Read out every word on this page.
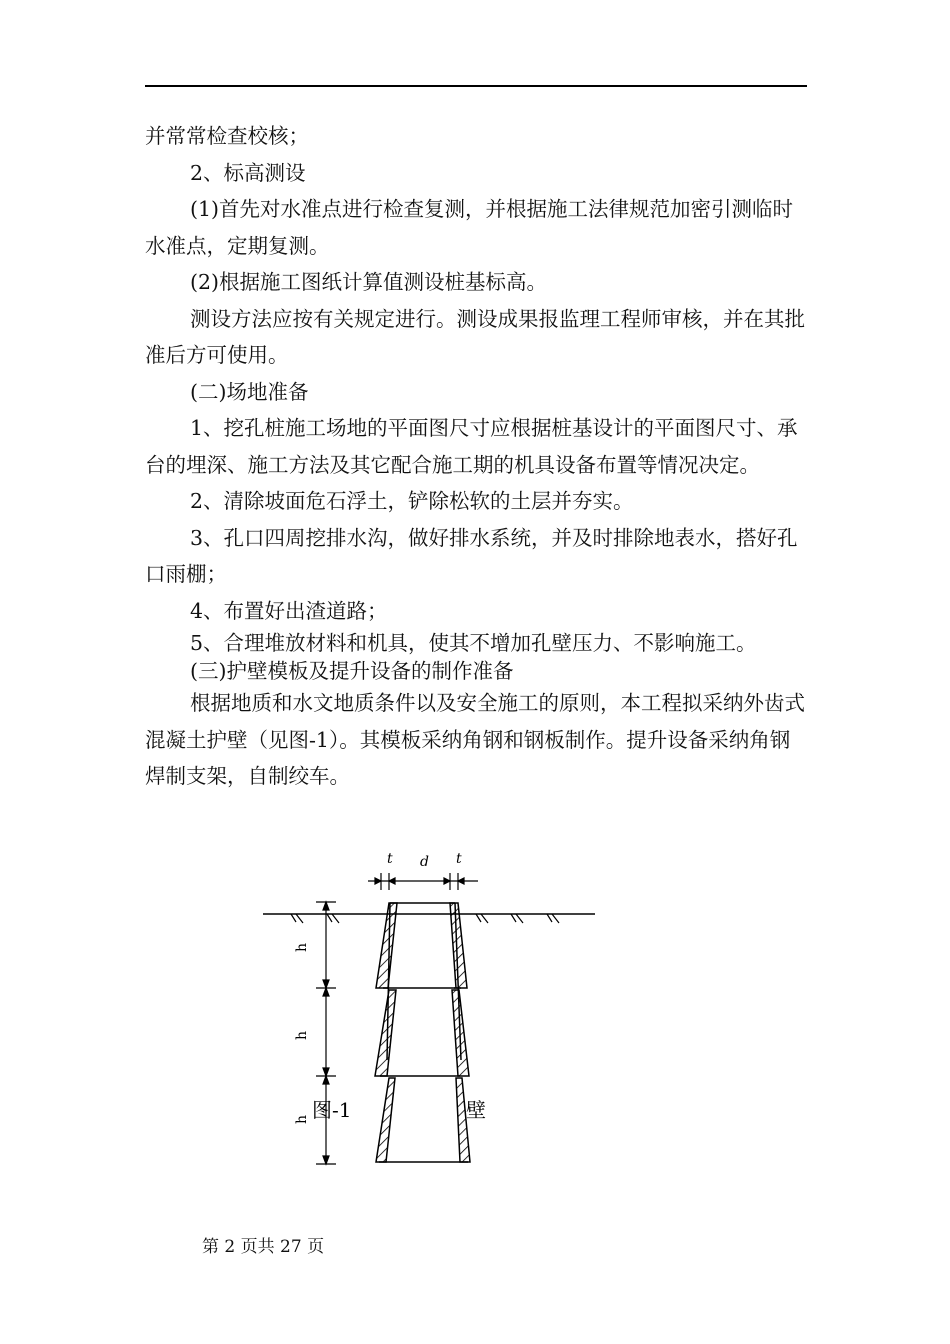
并常常检查校核；

2、标高测设

(1)首先对水准点进行检查复测，并根据施工法律规范加密引测临时水准点，定期复测。

(2)根据施工图纸计算值测设桩基标高。

测设方法应按有关规定进行。测设成果报监理工程师审核，并在其批准后方可使用。

(二)场地准备

1、挖孔桩施工场地的平面图尺寸应根据桩基设计的平面图尺寸、承台的埋深、施工方法及其它配合施工期的机具设备布置等情况决定。

2、清除坡面危石浮土，铲除松软的土层并夯实。

3、孔口四周挖排水沟，做好排水系统，并及时排除地表水，搭好孔口雨棚；

4、布置好出渣道路；

5、合理堆放材料和机具，使其不增加孔壁压力、不影响施工。

(三)护壁模板及提升设备的制作准备

根据地质和水文地质条件以及安全施工的原则，本工程拟采纳外齿式混凝土护壁（见图-1）。其模板采纳角钢和钢板制作。提升设备采纳角钢焊制支架，自制绞车。

t d t
h
h
h 图-1	壁
第 2 页共 27 页
